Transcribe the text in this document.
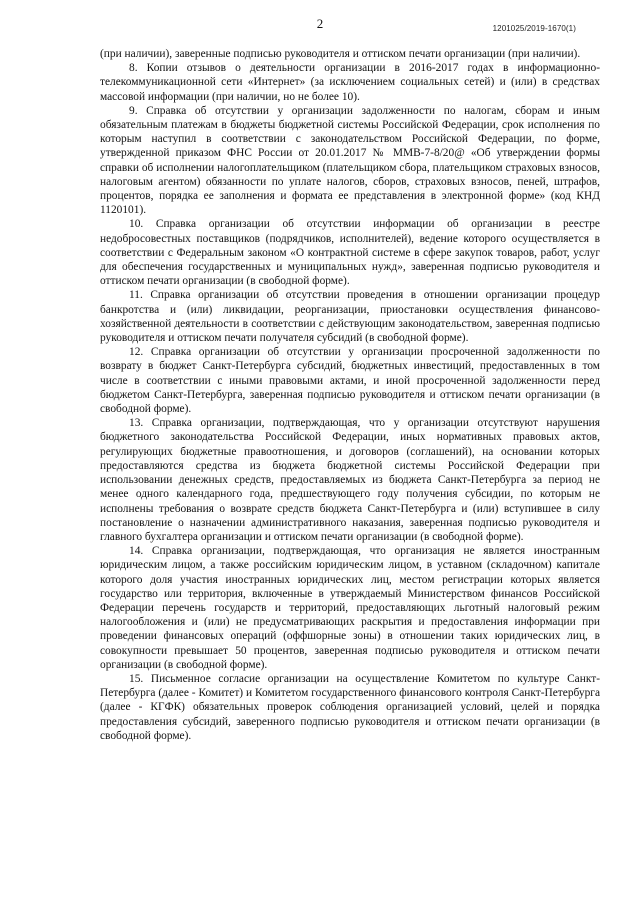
2	1201025/2019-1670(1)

(при наличии), заверенные подписью руководителя и оттиском печати организации (при наличии).

8. Копии отзывов о деятельности организации в 2016-2017 годах в информационно-телекоммуникационной сети «Интернет» (за исключением социальных сетей) и (или) в средствах массовой информации (при наличии, но не более 10).

9. Справка об отсутствии у организации задолженности по налогам, сборам и иным обязательным платежам в бюджеты бюджетной системы Российской Федерации, срок исполнения по которым наступил в соответствии с законодательством Российской Федерации, по форме, утвержденной приказом ФНС России от 20.01.2017 № ММВ-7-8/20@ «Об утверждении формы справки об исполнении налогоплательщиком (плательщиком сбора, плательщиком страховых взносов, налоговым агентом) обязанности по уплате налогов, сборов, страховых взносов, пеней, штрафов, процентов, порядка ее заполнения и формата ее представления в электронной форме» (код КНД 1120101).

10. Справка организации об отсутствии информации об организации в реестре недобросовестных поставщиков (подрядчиков, исполнителей), ведение которого осуществляется в соответствии с Федеральным законом «О контрактной системе в сфере закупок товаров, работ, услуг для обеспечения государственных и муниципальных нужд», заверенная подписью руководителя и оттиском печати организации (в свободной форме).

11. Справка организации об отсутствии проведения в отношении организации процедур банкротства и (или) ликвидации, реорганизации, приостановки осуществления финансово-хозяйственной деятельности в соответствии с действующим законодательством, заверенная подписью руководителя и оттиском печати получателя субсидий (в свободной форме).

12. Справка организации об отсутствии у организации просроченной задолженности по возврату в бюджет Санкт-Петербурга субсидий, бюджетных инвестиций, предоставленных в том числе в соответствии с иными правовыми актами, и иной просроченной задолженности перед бюджетом Санкт-Петербурга, заверенная подписью руководителя и оттиском печати организации (в свободной форме).

13. Справка организации, подтверждающая, что у организации отсутствуют нарушения бюджетного законодательства Российской Федерации, иных нормативных правовых актов, регулирующих бюджетные правоотношения, и договоров (соглашений), на основании которых предоставляются средства из бюджета бюджетной системы Российской Федерации при использовании денежных средств, предоставляемых из бюджета Санкт-Петербурга за период не менее одного календарного года, предшествующего году получения субсидии, по которым не исполнены требования о возврате средств бюджета Санкт-Петербурга и (или) вступившее в силу постановление о назначении административного наказания, заверенная подписью руководителя и главного бухгалтера организации и оттиском печати организации (в свободной форме).

14. Справка организации, подтверждающая, что организация не является иностранным юридическим лицом, а также российским юридическим лицом, в уставном (складочном) капитале которого доля участия иностранных юридических лиц, местом регистрации которых является государство или территория, включенные в утверждаемый Министерством финансов Российской Федерации перечень государств и территорий, предоставляющих льготный налоговый режим налогообложения и (или) не предусматривающих раскрытия и предоставления информации при проведении финансовых операций (оффшорные зоны) в отношении таких юридических лиц, в совокупности превышает 50 процентов, заверенная подписью руководителя и оттиском печати организации (в свободной форме).

15. Письменное согласие организации на осуществление Комитетом по культуре Санкт-Петербурга (далее - Комитет) и Комитетом государственного финансового контроля Санкт-Петербурга (далее - КГФК) обязательных проверок соблюдения организацией условий, целей и порядка предоставления субсидий, заверенного подписью руководителя и оттиском печати организации (в свободной форме).
